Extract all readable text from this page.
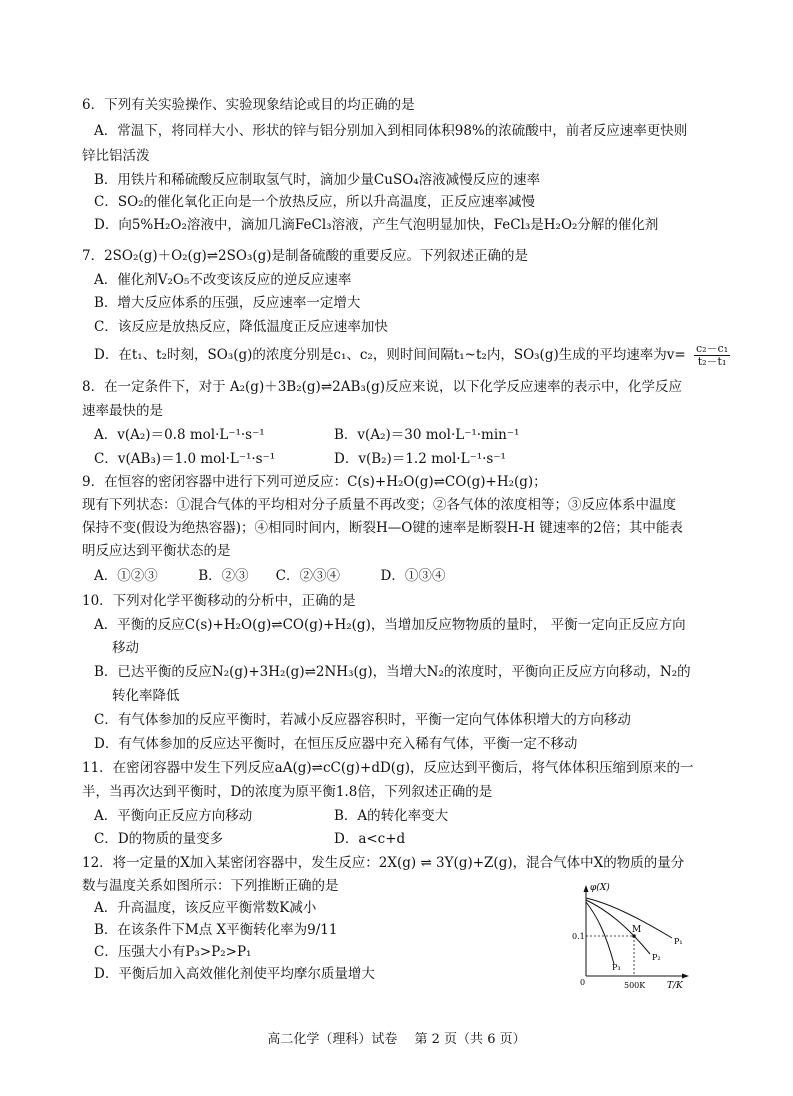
6．下列有关实验操作、实验现象结论或目的均正确的是
A．常温下，将同样大小、形状的锌与铝分别加入到相同体积98%的浓硫酸中，前者反应速率更快则
锌比铝活泼
B．用铁片和稀硫酸反应制取氢气时，滴加少量CuSO₄溶液减慢反应的速率
C．SO₂的催化氧化正向是一个放热反应，所以升高温度，正反应速率减慢
D．向5%H₂O₂溶液中，滴加几滴FeCl₃溶液，产生气泡明显加快，FeCl₃是H₂O₂分解的催化剂
7．2SO₂(g)＋O₂(g)⇌2SO₃(g)是制备硫酸的重要反应。下列叙述正确的是
A．催化剂V₂O₅不改变该反应的逆反应速率
B．增大反应体系的压强，反应速率一定增大
C．该反应是放热反应，降低温度正反应速率加快
D．在t₁、t₂时刻，SO₃(g)的浓度分别是c₁、c₂，则时间间隔t₁~t₂内，SO₃(g)生成的平均速率为$v= \frac{\text{c₂－c₁}}{\text{t₂－t₁}}$
8．在一定条件下，对于 A₂(g)＋3B₂(g)⇌2AB₃(g)反应来说，以下化学反应速率的表示中，化学反应
速率最快的是
A．v(A₂)＝0.8 mol·L⁻¹·s⁻¹	B．v(A₂)＝30 mol·L⁻¹·min⁻¹
C．v(AB₃)＝1.0 mol·L⁻¹·s⁻¹	D．v(B₂)＝1.2 mol·L⁻¹·s⁻¹
9．在恒容的密闭容器中进行下列可逆反应：C(s)+H₂O(g)⇌CO(g)+H₂(g)；
现有下列状态：①混合气体的平均相对分子质量不再改变；②各气体的浓度相等；③反应体系中温度
保持不变(假设为绝热容器)；④相同时间内，断裂H—O键的速率是断裂H-H 键速率的2倍；其中能表
明反应达到平衡状态的是
A．①②③　　　B．②③　　C．②③④　　　D．①③④
10．下列对化学平衡移动的分析中，正确的是
A．平衡的反应C(s)+H₂O(g)⇌CO(g)+H₂(g)，当增加反应物物质的量时， 平衡一定向正反应方向
移动
B．已达平衡的反应N₂(g)+3H₂(g)⇌2NH₃(g)，当增大N₂的浓度时，平衡向正反应方向移动，N₂的
转化率降低
C．有气体参加的反应平衡时，若减小反应器容积时，平衡一定向气体体积增大的方向移动
D．有气体参加的反应达平衡时，在恒压反应器中充入稀有气体，平衡一定不移动
11．在密闭容器中发生下列反应aA(g)⇌cC(g)+dD(g)，反应达到平衡后，将气体体积压缩到原来的一
半，当再次达到平衡时，D的浓度为原平衡1.8倍，下列叙述正确的是
A．平衡向正反应方向移动	B．A的转化率变大
C．D的物质的量变多	D．a<c+d
12．将一定量的X加入某密闭容器中，发生反应：2X(g) ⇌ 3Y(g)+Z(g)，混合气体中X的物质的量分
数与温度关系如图所示：下列推断正确的是
A．升高温度，该反应平衡常数K减小
B．在该条件下M点 X平衡转化率为9/11
C．压强大小有P₃>P₂>P₁
D．平衡后加入高效催化剂使平均摩尔质量增大
φ(X)
T/K
0
0.1
500K
M
P₁
P₂
P₃
高二化学（理科）试卷　 第 2 页（共 6 页）
